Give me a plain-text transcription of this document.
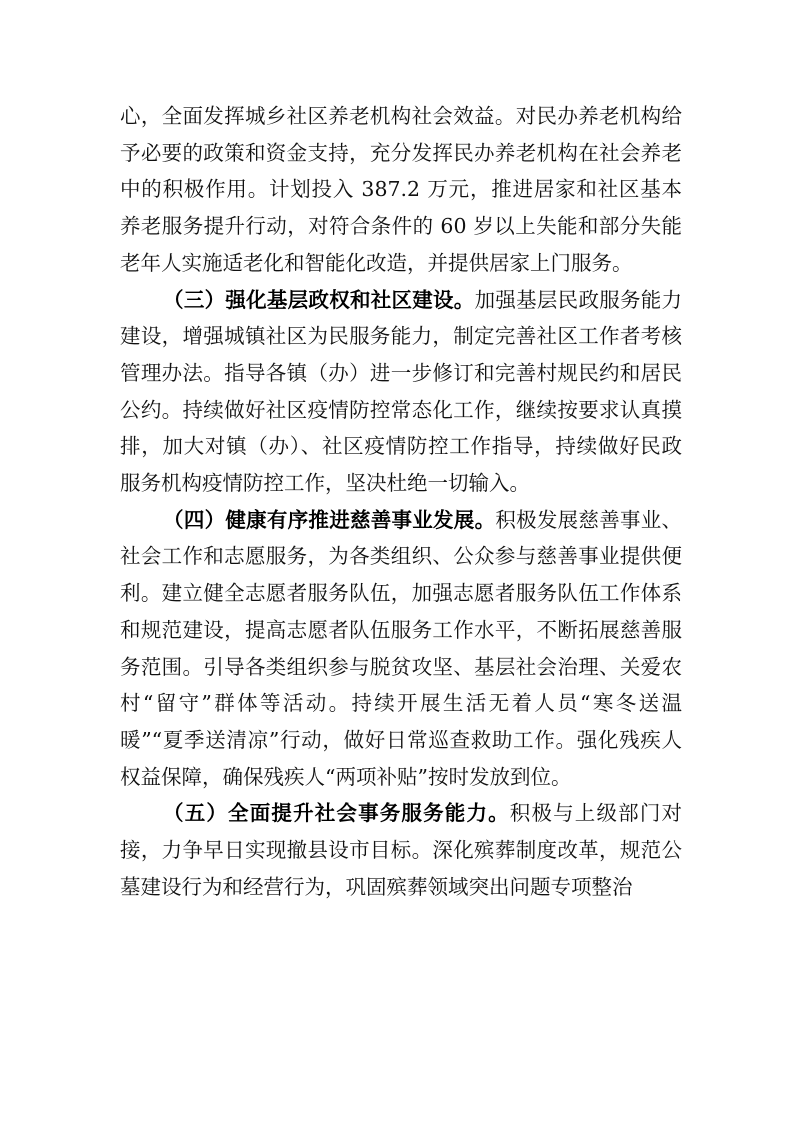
心，全面发挥城乡社区养老机构社会效益。对民办养老机构给予必要的政策和资金支持，充分发挥民办养老机构在社会养老中的积极作用。计划投入 387.2 万元，推进居家和社区基本养老服务提升行动，对符合条件的 60 岁以上失能和部分失能老年人实施适老化和智能化改造，并提供居家上门服务。

（三）强化基层政权和社区建设。加强基层民政服务能力建设，增强城镇社区为民服务能力，制定完善社区工作者考核管理办法。指导各镇（办）进一步修订和完善村规民约和居民公约。持续做好社区疫情防控常态化工作，继续按要求认真摸排，加大对镇（办）、社区疫情防控工作指导，持续做好民政服务机构疫情防控工作，坚决杜绝一切输入。

（四）健康有序推进慈善事业发展。积极发展慈善事业、社会工作和志愿服务，为各类组织、公众参与慈善事业提供便利。建立健全志愿者服务队伍，加强志愿者服务队伍工作体系和规范建设，提高志愿者队伍服务工作水平，不断拓展慈善服务范围。引导各类组织参与脱贫攻坚、基层社会治理、关爱农村“留守”群体等活动。持续开展生活无着人员“寒冬送温暖”“夏季送清凉”行动，做好日常巡查救助工作。强化残疾人权益保障，确保残疾人“两项补贴”按时发放到位。

（五）全面提升社会事务服务能力。积极与上级部门对接，力争早日实现撤县设市目标。深化殡葬制度改革，规范公墓建设行为和经营行为，巩固殡葬领域突出问题专项整治
